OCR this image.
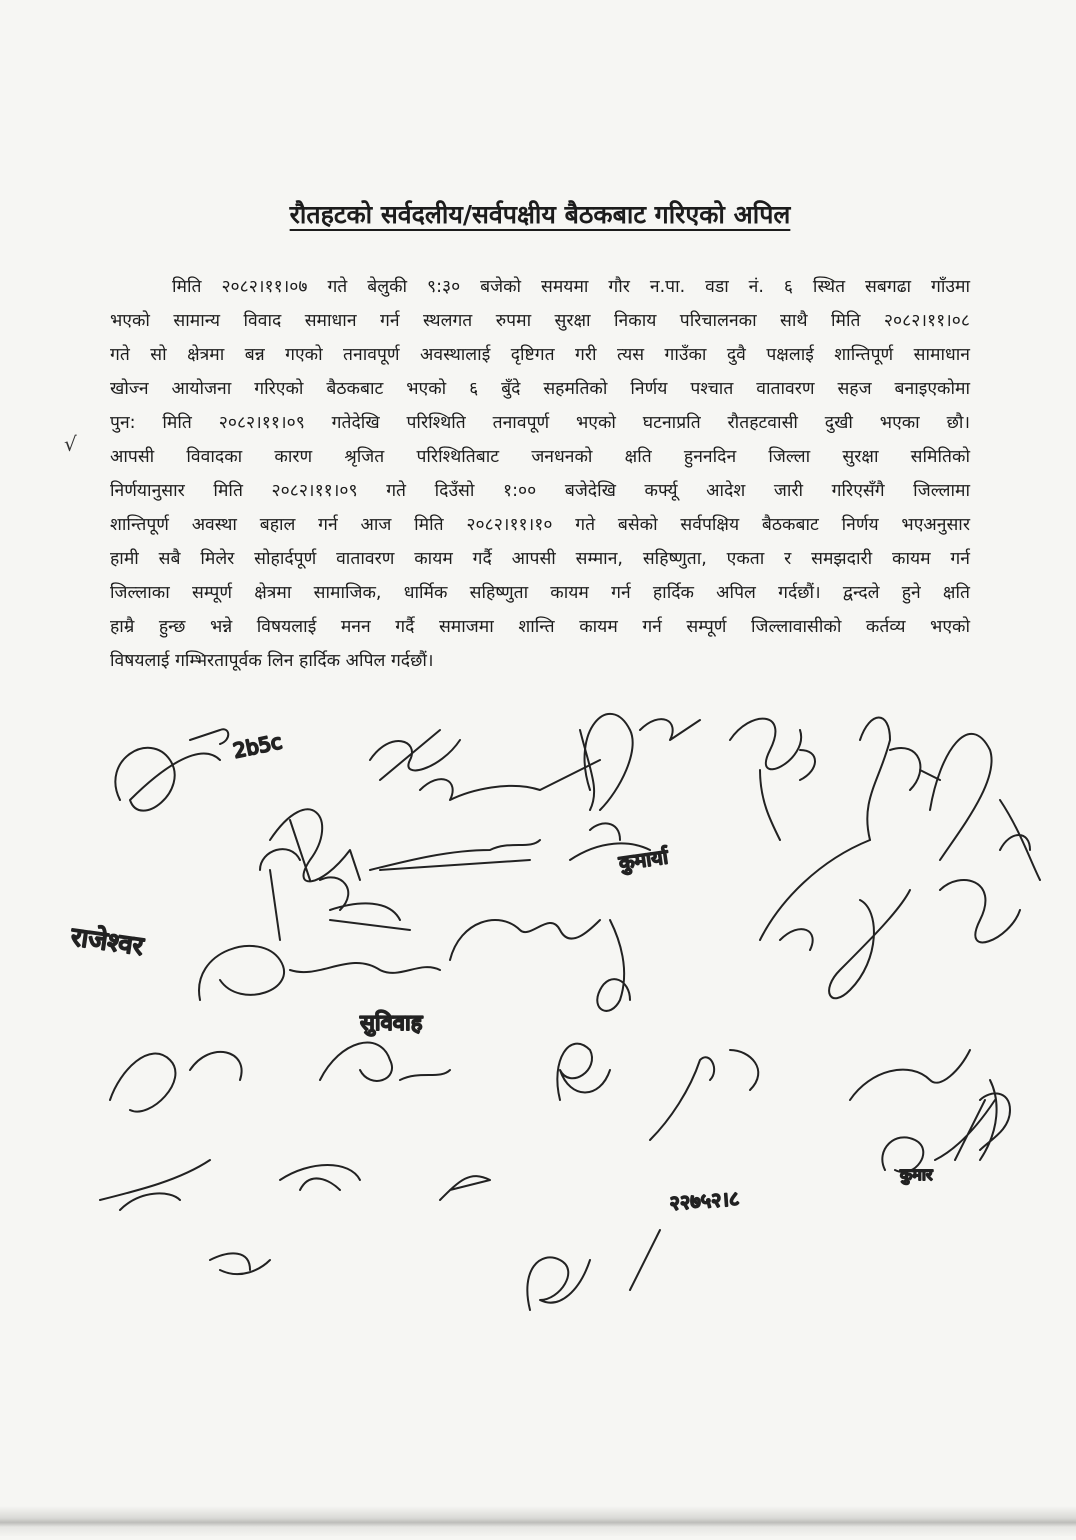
रौतहटको सर्वदलीय/सर्वपक्षीय बैठकबाट गरिएको अपिल
मिति २०८२।११।०७ गते बेलुकी ९:३० बजेको समयमा गौर न.पा. वडा नं. ६ स्थित सबगढा गाँउमा
भएको सामान्य विवाद समाधान गर्न स्थलगत रुपमा सुरक्षा निकाय परिचालनका साथै मिति २०८२।११।०८
गते सो क्षेत्रमा बन्न गएको तनावपूर्ण अवस्थालाई दृष्टिगत गरी त्यस गाउँका दुवै पक्षलाई शान्तिपूर्ण सामाधान
खोज्न आयोजना गरिएको बैठकबाट भएको ६ बुँदे सहमतिको निर्णय पश्चात वातावरण सहज बनाइएकोमा
पुन: मिति २०८२।११।०९ गतेदेखि परिश्थिति तनावपूर्ण भएको घटनाप्रति रौतहटवासी दुखी भएका छौ।
आपसी विवादका कारण श्रृजित परिश्थितिबाट जनधनको क्षति हुननदिन जिल्ला सुरक्षा समितिको
निर्णयानुसार मिति २०८२।११।०९ गते दिउँसो १:०० बजेदेखि कर्फ्यू आदेश जारी गरिएसँगै जिल्लामा
शान्तिपूर्ण अवस्था बहाल गर्न आज मिति २०८२।११।१० गते बसेको सर्वपक्षिय बैठकबाट निर्णय भएअनुसार
हामी सबै मिलेर सोहार्दपूर्ण वातावरण कायम गर्दै आपसी सम्मान, सहिष्णुता, एकता र समझदारी कायम गर्न
जिल्लाका सम्पूर्ण क्षेत्रमा सामाजिक, धार्मिक सहिष्णुता कायम गर्न हार्दिक अपिल गर्दछौं। द्वन्दले हुने क्षति
हाम्रै हुन्छ भन्ने विषयलाई मनन गर्दै समाजमा शान्ति कायम गर्न सम्पूर्ण जिल्लावासीको कर्तव्य भएको
विषयलाई गम्भिरतापूर्वक लिन हार्दिक अपिल गर्दछौं।
√
2b5c
कुमार्या
राजेश्वर
सुविवाह
२२७५२।८
कुमार
